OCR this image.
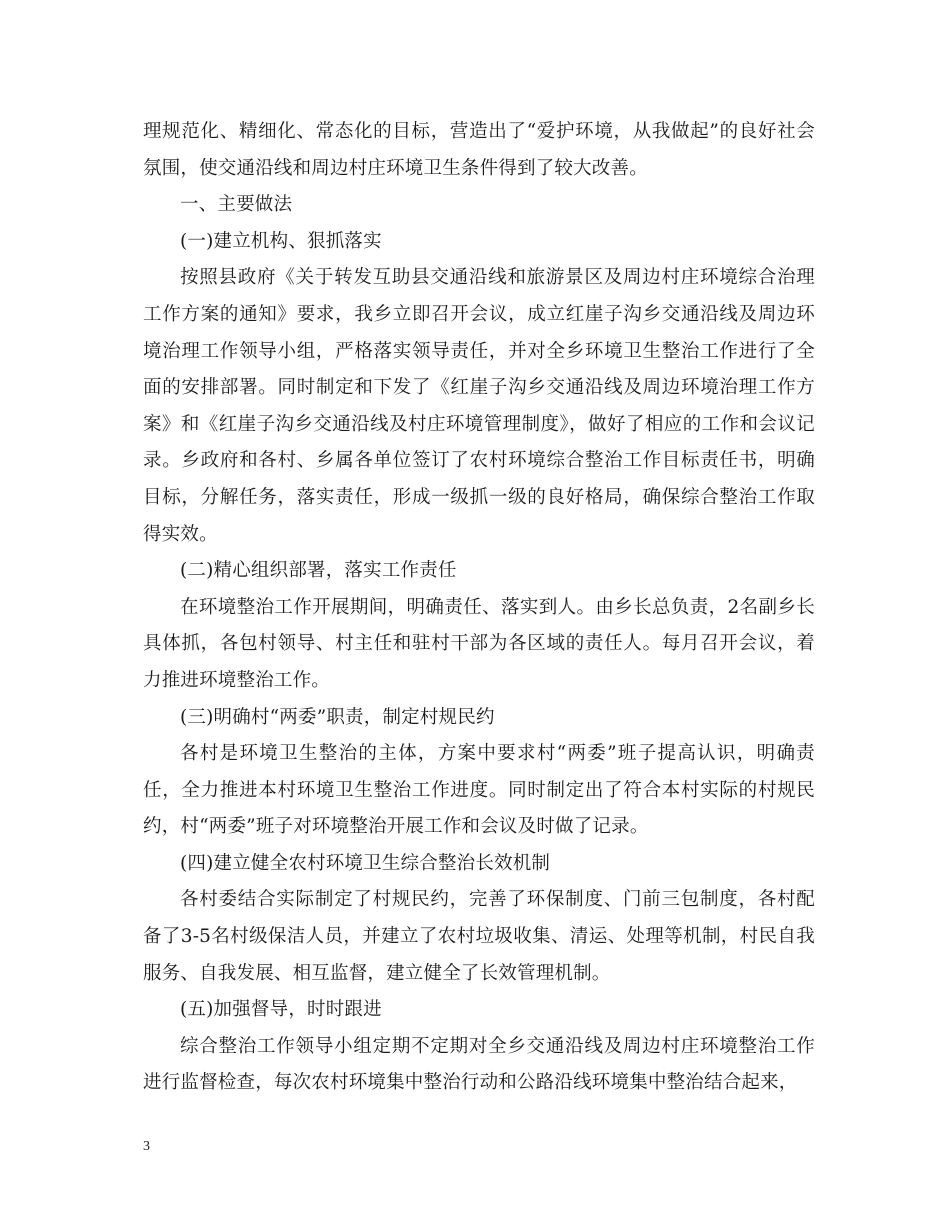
理规范化、精细化、常态化的目标，营造出了“爱护环境，从我做起”的良好社会氛围，使交通沿线和周边村庄环境卫生条件得到了较大改善。

一、主要做法

(一)建立机构、狠抓落实

按照县政府《关于转发互助县交通沿线和旅游景区及周边村庄环境综合治理工作方案的通知》要求，我乡立即召开会议，成立红崖子沟乡交通沿线及周边环境治理工作领导小组，严格落实领导责任，并对全乡环境卫生整治工作进行了全面的安排部署。同时制定和下发了《红崖子沟乡交通沿线及周边环境治理工作方案》和《红崖子沟乡交通沿线及村庄环境管理制度》，做好了相应的工作和会议记录。乡政府和各村、乡属各单位签订了农村环境综合整治工作目标责任书，明确目标，分解任务，落实责任，形成一级抓一级的良好格局，确保综合整治工作取得实效。

(二)精心组织部署，落实工作责任

在环境整治工作开展期间，明确责任、落实到人。由乡长总负责，2名副乡长具体抓，各包村领导、村主任和驻村干部为各区域的责任人。每月召开会议，着力推进环境整治工作。

(三)明确村“两委”职责，制定村规民约

各村是环境卫生整治的主体，方案中要求村“两委”班子提高认识，明确责任，全力推进本村环境卫生整治工作进度。同时制定出了符合本村实际的村规民约，村“两委”班子对环境整治开展工作和会议及时做了记录。

(四)建立健全农村环境卫生综合整治长效机制

各村委结合实际制定了村规民约，完善了环保制度、门前三包制度，各村配备了3-5名村级保洁人员，并建立了农村垃圾收集、清运、处理等机制，村民自我服务、自我发展、相互监督，建立健全了长效管理机制。

(五)加强督导，时时跟进

综合整治工作领导小组定期不定期对全乡交通沿线及周边村庄环境整治工作进行监督检查，每次农村环境集中整治行动和公路沿线环境集中整治结合起来，

3
